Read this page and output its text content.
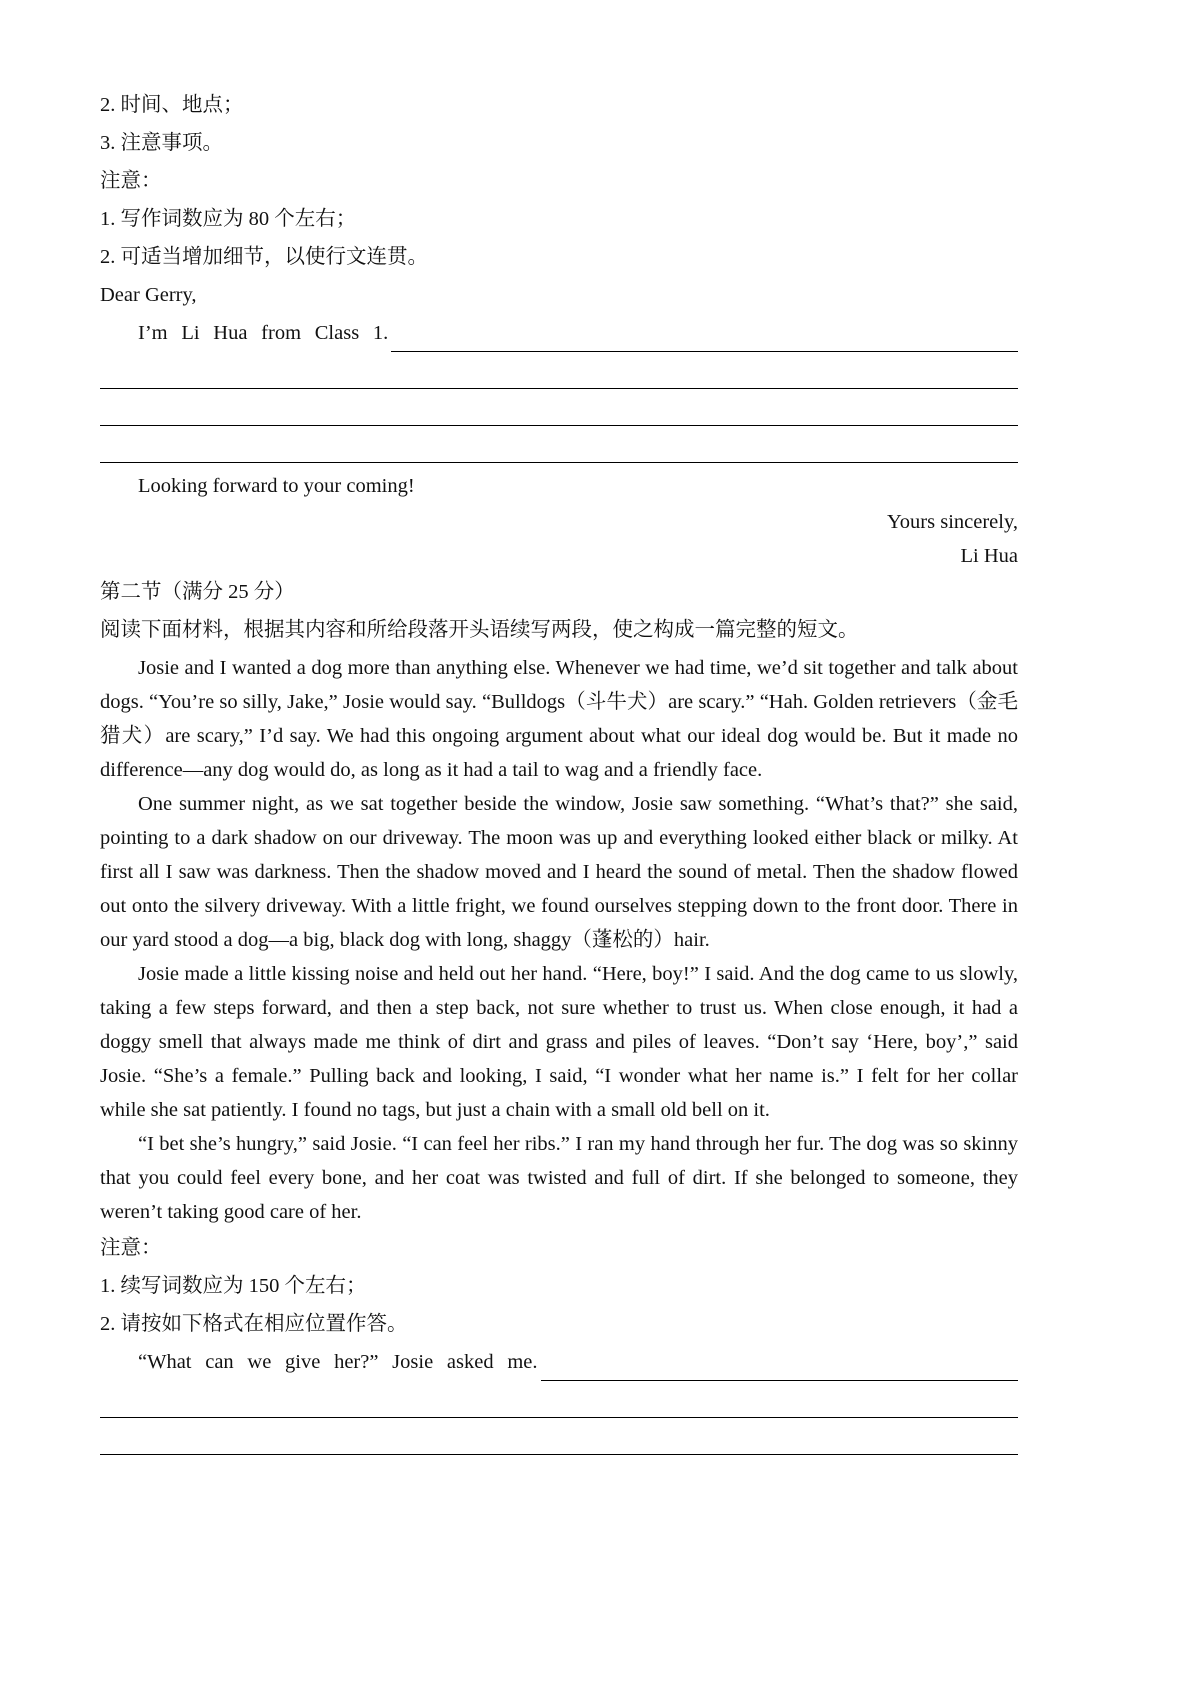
2. 时间、地点；
3. 注意事项。
注意：
1. 写作词数应为 80 个左右；
2. 可适当增加细节，以使行文连贯。
Dear Gerry,
I’m Li Hua from Class 1.
Looking forward to your coming!
Yours sincerely,
Li Hua
第二节（满分 25 分）
阅读下面材料，根据其内容和所给段落开头语续写两段，使之构成一篇完整的短文。

Josie and I wanted a dog more than anything else. Whenever we had time, we’d sit together and talk about dogs. “You’re so silly, Jake,” Josie would say. “Bulldogs（斗牛犬）are scary.” “Hah. Golden retrievers（金毛猎犬）are scary,” I’d say. We had this ongoing argument about what our ideal dog would be. But it made no difference—any dog would do, as long as it had a tail to wag and a friendly face.

One summer night, as we sat together beside the window, Josie saw something. “What’s that?” she said, pointing to a dark shadow on our driveway. The moon was up and everything looked either black or milky. At first all I saw was darkness. Then the shadow moved and I heard the sound of metal. Then the shadow flowed out onto the silvery driveway. With a little fright, we found ourselves stepping down to the front door. There in our yard stood a dog—a big, black dog with long, shaggy（蓬松的）hair.

Josie made a little kissing noise and held out her hand. “Here, boy!” I said. And the dog came to us slowly, taking a few steps forward, and then a step back, not sure whether to trust us. When close enough, it had a doggy smell that always made me think of dirt and grass and piles of leaves. “Don’t say ‘Here, boy’,” said Josie. “She’s a female.” Pulling back and looking, I said, “I wonder what her name is.” I felt for her collar while she sat patiently. I found no tags, but just a chain with a small old bell on it.

“I bet she’s hungry,” said Josie. “I can feel her ribs.” I ran my hand through her fur. The dog was so skinny that you could feel every bone, and her coat was twisted and full of dirt. If she belonged to someone, they weren’t taking good care of her.

注意：
1. 续写词数应为 150 个左右；
2. 请按如下格式在相应位置作答。
“What can we give her?” Josie asked me.
